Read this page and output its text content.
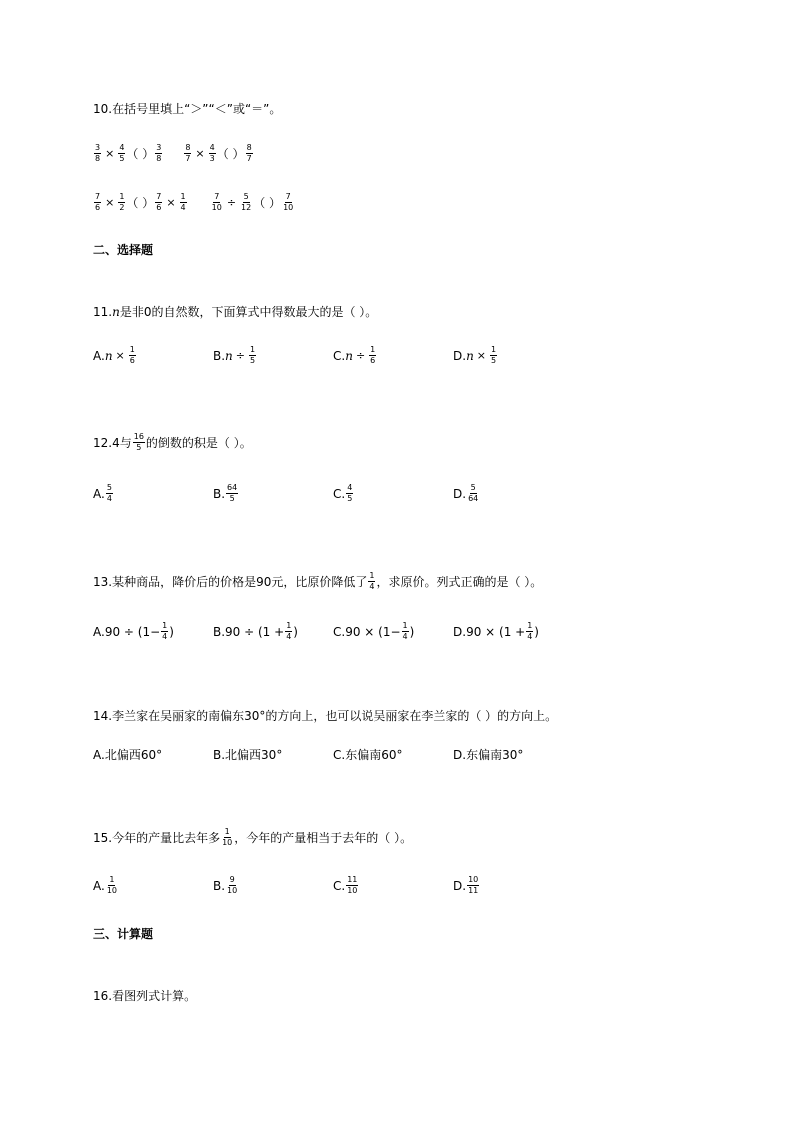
10.在括号里填上“＞”“＜”或“＝”。
$\frac{3}{8} \times \frac{4}{5}$ （ ） $\frac{3}{8}$	$\frac{8}{7} \times \frac{4}{3}$ （ ） $\frac{8}{7}$
$\frac{7}{6} \times \frac{1}{2}$ （ ） $\frac{7}{6} \times \frac{1}{4}$	$\frac{7}{10} \div \frac{5}{12}$ （ ） $\frac{7}{10}$
二、选择题
11. n 是非0的自然数，下面算式中得数最大的是（ ）。
A. $n \times \frac{1}{6}$	B. $n \div \frac{1}{5}$	C. $n \div \frac{1}{6}$	D. $n \times \frac{1}{5}$
12.4与 $\frac{16}{5}$ 的倒数的积是（ ）。
A. $\frac{5}{4}$	B. $\frac{64}{5}$	C. $\frac{4}{5}$	D. $\frac{5}{64}$
13.某种商品，降价后的价格是90元，比原价降低了 $\frac{1}{4}$ ，求原价。列式正确的是（ ）。
A. $90 \div (1- \frac{1}{4}$ )	B. $90 \div (1 + \frac{1}{4}$ )	C. $90 \times (1- \frac{1}{4}$ )	D. $90 \times (1 + \frac{1}{4}$ )
14.李兰家在吴丽家的南偏东30°的方向上，也可以说吴丽家在李兰家的（ ）的方向上。
A. 北偏西60°	B. 北偏西30°	C. 东偏南60°	D. 东偏南30°
15.今年的产量比去年多 $\frac{1}{10}$ ，今年的产量相当于去年的（ ）。
A. $\frac{1}{10}$	B. $\frac{9}{10}$	C. $\frac{11}{10}$	D. $\frac{10}{11}$
三、计算题
16.看图列式计算。
